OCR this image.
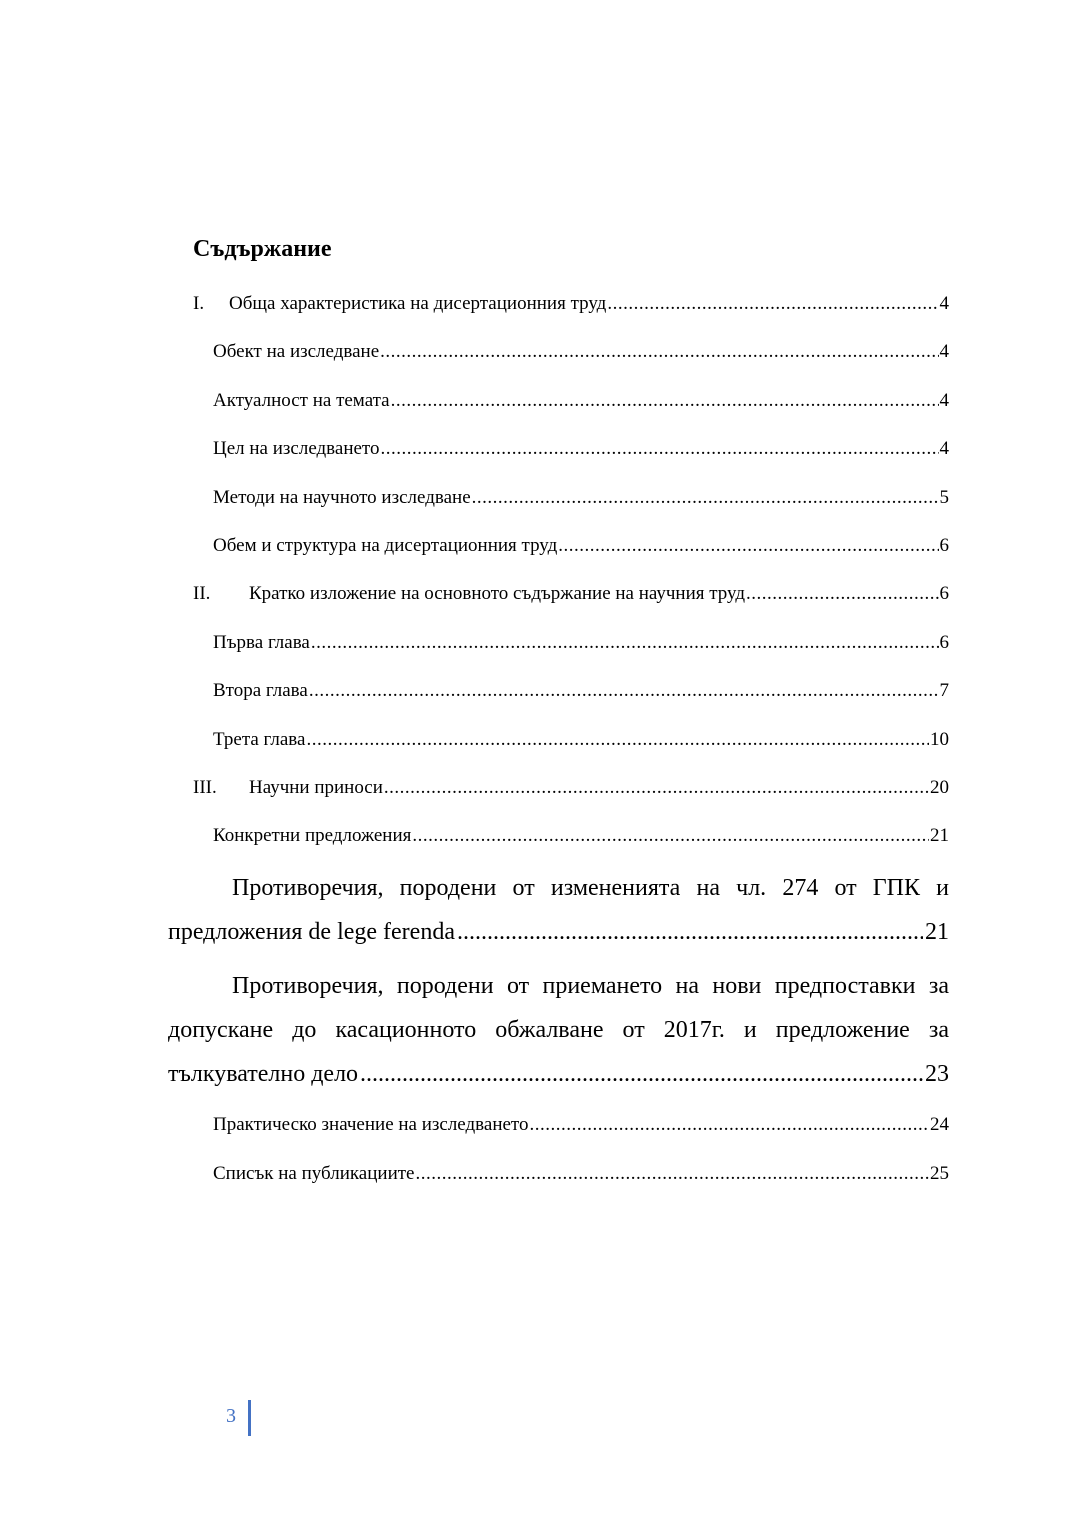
Съдържание
I.	Обща характеристика на дисертационния труд .....	4
Обект на изследване .....	4
Актуалност на темата .....	4
Цел на изследването .....	4
Методи на научното изследване .....	5
Обем и структура на дисертационния труд .....	6
II.	Кратко изложение на основното съдържание на научния труд .....	6
Първа глава .....	6
Втора глава .....	7
Трета глава .....	10
III.	Научни приноси .....	20
Конкретни предложения .....	21
Противоречия, породени от измененията на чл. 274 от ГПК и
предложения de lege ferenda .....	21
Противоречия, породени от приемането на нови предпоставки за
допускане до касационното обжалване от 2017г. и предложение за
тълкувателно дело .....	23
Практическо значение на изследването .....	24
Списък на публикациите .....	25
3
